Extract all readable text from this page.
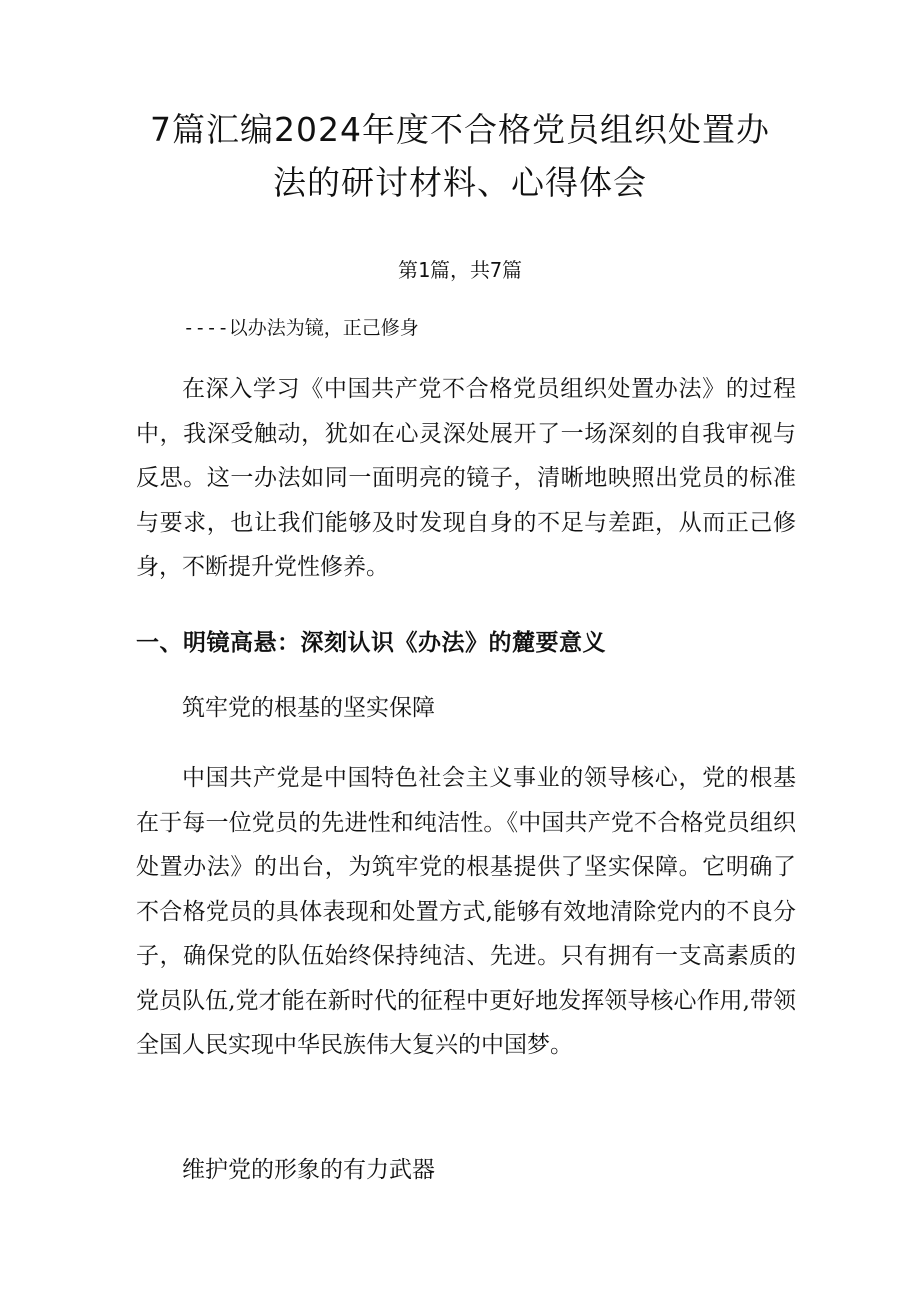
7篇汇编2024年度不合格党员组织处置办
法的研讨材料、心得体会
第1篇，共7篇
----以办法为镜，正己修身

在深入学习《中国共产党不合格党员组织处置办法》的过程中，我深受触动，犹如在心灵深处展开了一场深刻的自我审视与反思。这一办法如同一面明亮的镜子，清晰地映照出党员的标准与要求，也让我们能够及时发现自身的不足与差距，从而正己修身，不断提升党性修养。

一、明镜高悬：深刻认识《办法》的麓要意义
筑牢党的根基的坚实保障

中国共产党是中国特色社会主义事业的领导核心，党的根基在于每一位党员的先进性和纯洁性。《中国共产党不合格党员组织处置办法》的出台，为筑牢党的根基提供了坚实保障。它明确了不合格党员的具体表现和处置方式,能够有效地清除党内的不良分子，确保党的队伍始终保持纯洁、先进。只有拥有一支高素质的党员队伍,党才能在新时代的征程中更好地发挥领导核心作用,带领全国人民实现中华民族伟大复兴的中国梦。

维护党的形象的有力武器
